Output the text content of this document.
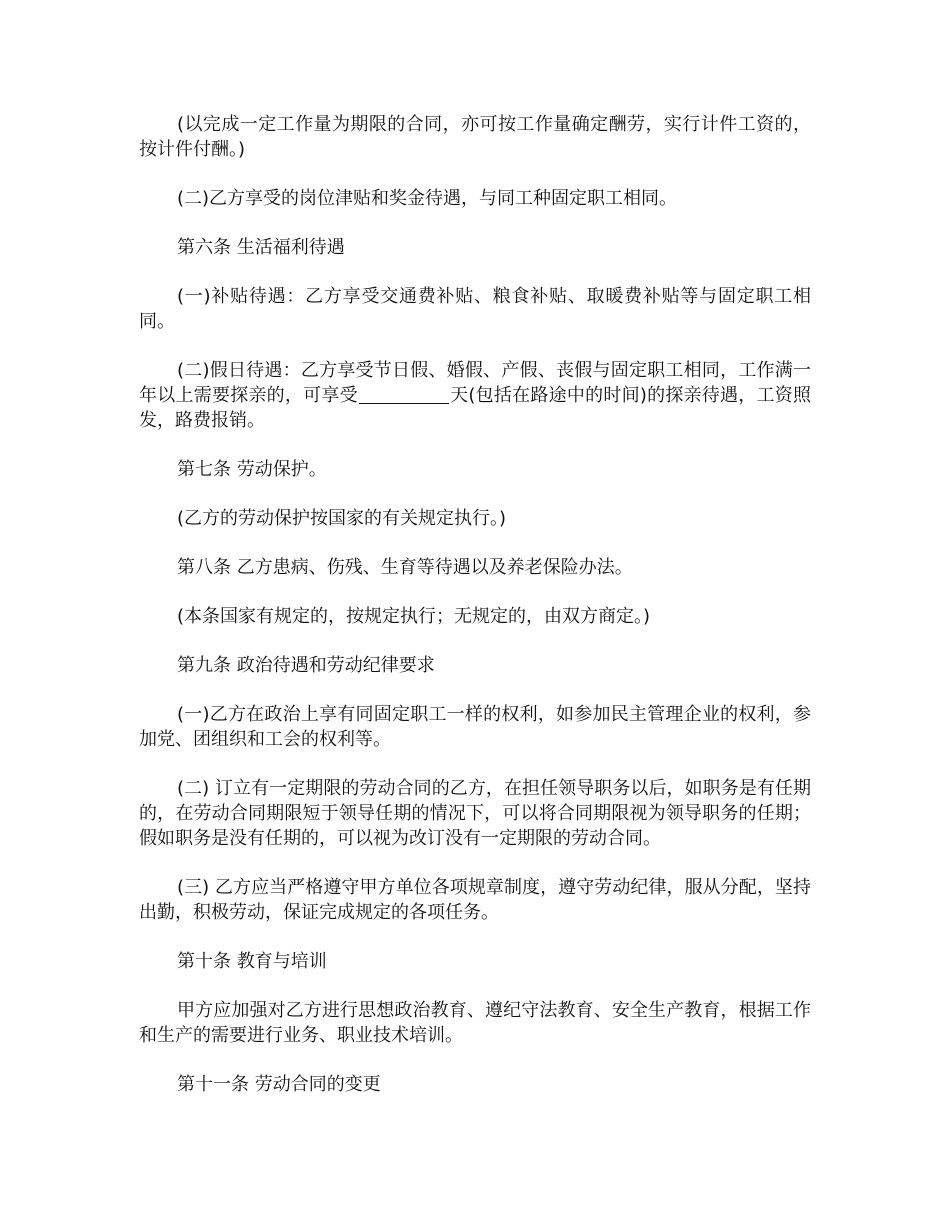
(以完成一定工作量为期限的合同，亦可按工作量确定酬劳，实行计件工资的，按计件付酬。)

(二)乙方享受的岗位津贴和奖金待遇，与同工种固定职工相同。

第六条 生活福利待遇

(一)补贴待遇：乙方享受交通费补贴、粮食补贴、取暖费补贴等与固定职工相同。

(二)假日待遇：乙方享受节日假、婚假、产假、丧假与固定职工相同，工作满一年以上需要探亲的，可享受	天(包括在路途中的时间)的探亲待遇，工资照发，路费报销。

第七条 劳动保护。

(乙方的劳动保护按国家的有关规定执行。)

第八条 乙方患病、伤残、生育等待遇以及养老保险办法。

(本条国家有规定的，按规定执行；无规定的，由双方商定。)

第九条 政治待遇和劳动纪律要求

(一)乙方在政治上享有同固定职工一样的权利，如参加民主管理企业的权利，参加党、团组织和工会的权利等。

(二) 订立有一定期限的劳动合同的乙方，在担任领导职务以后，如职务是有任期的，在劳动合同期限短于领导任期的情况下，可以将合同期限视为领导职务的任期；假如职务是没有任期的，可以视为改订没有一定期限的劳动合同。

(三) 乙方应当严格遵守甲方单位各项规章制度，遵守劳动纪律，服从分配，坚持出勤，积极劳动，保证完成规定的各项任务。

第十条 教育与培训

甲方应加强对乙方进行思想政治教育、遵纪守法教育、安全生产教育，根据工作和生产的需要进行业务、职业技术培训。

第十一条 劳动合同的变更
